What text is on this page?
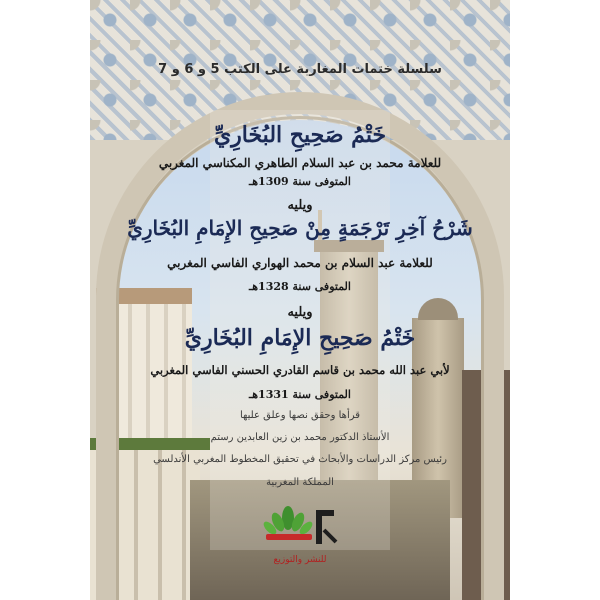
سلسلة ختمات المغاربة على الكتب 5 و 6 و 7

خَتْمُ صَحِيحِ البُخَارِيِّ

للعلامة محمد بن عبد السلام الطاهري المكناسي المغربي

المتوفى سنة 1309هـ

ويليه

شَرْحُ آخِرِ تَرْجَمَةٍ مِنْ صَحِيحِ الإِمَامِ البُخَارِيِّ

للعلامة عبد السلام بن محمد الهواري الفاسي المغربي

المتوفى سنة 1328هـ

ويليه

خَتْمُ صَحِيحِ الإِمَامِ البُخَارِيِّ

لأبي عبد الله محمد بن قاسم القادري الحسني الفاسي المغربي

المتوفى سنة 1331هـ

قرأها وحقق نصها وعلق عليها

الأستاذ الدكتور محمد بن زين العابدين رستم

رئيس مركز الدراسات والأبحاث في تحقيق المخطوط المغربي الأندلسي

المملكة المغربية

للنشر والتوزيع
